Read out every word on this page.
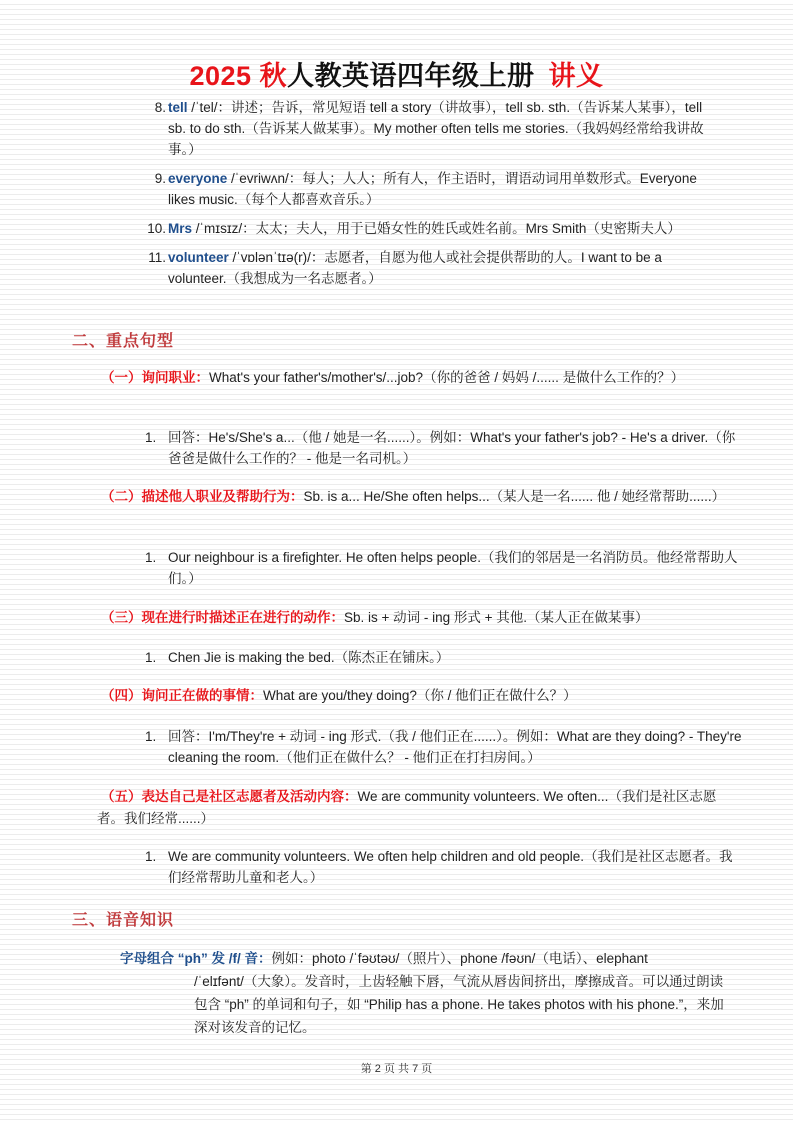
2025 秋人教英语四年级上册 讲义
8. tell /ˈtel/：讲述；告诉，常见短语 tell a story（讲故事），tell sb. sth.（告诉某人某事），tell sb. to do sth.（告诉某人做某事）。My mother often tells me stories.（我妈妈经常给我讲故事。）
9. everyone /ˈevriwʌn/：每人；人人；所有人，作主语时，谓语动词用单数形式。Everyone likes music.（每个人都喜欢音乐。）
10. Mrs /ˈmɪsɪz/：太太；夫人，用于已婚女性的姓氏或姓名前。Mrs Smith（史密斯夫人）
11. volunteer /ˈvɒlənˈtɪə(r)/：志愿者，自愿为他人或社会提供帮助的人。I want to be a volunteer.（我想成为一名志愿者。）
二、重点句型
（一）询问职业：What's your father's/mother's/...job?（你的爸爸 / 妈妈 /...... 是做什么工作的？）
1. 回答：He's/She's a...（他 / 她是一名......）。例如：What's your father's job? - He's a driver.（你爸爸是做什么工作的？ - 他是一名司机。）
（二）描述他人职业及帮助行为：Sb. is a... He/She often helps...（某人是一名...... 他 / 她经常帮助......）
1. Our neighbour is a firefighter. He often helps people.（我们的邻居是一名消防员。他经常帮助人们。）
（三）现在进行时描述正在进行的动作：Sb. is + 动词 - ing 形式 + 其他.（某人正在做某事）
1. Chen Jie is making the bed.（陈杰正在铺床。）
（四）询问正在做的事情：What are you/they doing?（你 / 他们正在做什么？）
1. 回答：I'm/They're + 动词 - ing 形式.（我 / 他们正在......）。例如：What are they doing? - They're cleaning the room.（他们正在做什么？ - 他们正在打扫房间。）
（五）表达自己是社区志愿者及活动内容：We are community volunteers. We often...（我们是社区志愿者。我们经常......）
1. We are community volunteers. We often help children and old people.（我们是社区志愿者。我们经常帮助儿童和老人。）
三、语音知识
字母组合 “ph” 发 /f/ 音：例如：photo /ˈfəʊtəʊ/（照片）、phone /fəʊn/（电话）、elephant
/ˈelɪfənt/（大象）。发音时，上齿轻触下唇，气流从唇齿间挤出，摩擦成音。可以通过朗读包含 “ph” 的单词和句子，如 “Philip has a phone. He takes photos with his phone.”，来加深对该发音的记忆。
第 2 页 共 7 页
